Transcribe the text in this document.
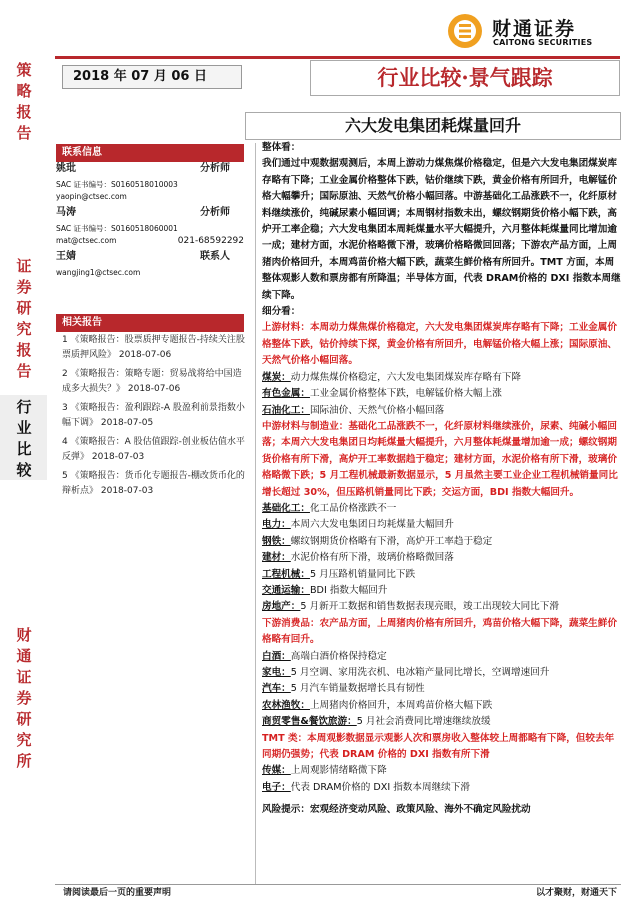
策
略
报
告
证
券
研
究
报
告
行
业
比
较
财
通
证
券
研
究
所
财通证券
CAITONG SECURITIES
2018 年 07 月 06 日	行业比较·景气跟踪
六大发电集团耗煤量回升
联系信息
姚玭	分析师
SAC 证书编号：S0160518010003
yaopin@ctsec.com
马涛	分析师
SAC 证书编号：S0160518060001
mat@ctsec.com	021-68592292
王婧	联系人
wangjing1@ctsec.com
相关报告
1 《策略报告：股票质押专题报告-持续关注股票质押风险》 2018-07-06
2 《策略报告：策略专题：贸易战将给中国造成多大损失？》 2018-07-06
3 《策略报告：盈利跟踪-A 股盈利前景指数小幅下调》 2018-07-05
4 《策略报告：A 股估值跟踪-创业板估值水平反弹》 2018-07-03
5 《策略报告：货币化专题报告-棚改货币化的辩析点》 2018-07-03

整体看：

我们通过中观数据观测后，本周上游动力煤焦煤价格稳定，但是六大发电集团煤炭库存略有下降；工业金属价格整体下跌，钴价继续下跌，黄金价格有所回升，电解锰价格大幅攀升；国际原油、天然气价格小幅回落。中游基础化工品涨跌不一，化纤原材料继续涨价，纯碱尿素小幅回调；本周钢材指数未出，螺纹钢期货价格小幅下跌，高炉开工率企稳；六大发电集团本周耗煤量水平大幅提升，六月整体耗煤量同比增加逾一成；建材方面，水泥价格略微下滑，玻璃价格略微回回落；下游农产品方面，上周猪肉价格回升，本周鸡苗价格大幅下跌，蔬菜生鲜价格有所回升。TMT 方面，本周整体观影人数和票房都有所降温；半导体方面，代表 DRAM价格的 DXI 指数本周继续下降。

细分看：

上游材料：本周动力煤焦煤价格稳定，六大发电集团煤炭库存略有下降；工业金属价格整体下跌，钴价持续下探，黄金价格有所回升，电解锰价格大幅上涨；国际原油、天然气价格小幅回落。

煤炭：动力煤焦煤价格稳定，六大发电集团煤炭库存略有下降

有色金属：工业金属价格整体下跌，电解锰价格大幅上涨

石油化工：国际油价、天然气价格小幅回落

中游材料与制造业：基础化工品涨跌不一，化纤原材料继续涨价，尿素、纯碱小幅回落；本周六大发电集团日均耗煤量大幅提升，六月整体耗煤量增加逾一成；螺纹钢期货价格有所下滑，高炉开工率数据趋于稳定；建材方面，水泥价格有所下滑，玻璃价格略微下跌；5 月工程机械最新数据显示，5 月虽然主要工业企业工程机械销量同比增长超过 30%，但压路机销量同比下跌；交运方面，BDI 指数大幅回升。

基础化工：化工品价格涨跌不一

电力：本周六大发电集团日均耗煤量大幅回升

钢铁：螺纹钢期货价格略有下滑，高炉开工率趋于稳定

建材：水泥价格有所下滑，玻璃价格略微回落

工程机械：5 月压路机销量同比下跌

交通运输：BDI 指数大幅回升

房地产：5 月新开工数据和销售数据表现亮眼，竣工出现较大同比下滑

下游消费品：农产品方面，上周猪肉价格有所回升，鸡苗价格大幅下降，蔬菜生鲜价格略有回升。

白酒：高端白酒价格保持稳定

家电：5 月空调、家用洗衣机、电冰箱产量同比增长，空调增速回升

汽车：5 月汽车销量数据增长具有韧性

农林渔牧：上周猪肉价格回升，本周鸡苗价格大幅下跌

商贸零售&餐饮旅游：5 月社会消费同比增速继续放缓

TMT 类：本周观影数据显示观影人次和票房收入整体较上周都略有下降，但较去年同期仍强势；代表 DRAM 价格的 DXI 指数有所下滑

传媒：上周观影情绪略微下降

电子：代表 DRAM价格的 DXI 指数本周继续下滑

风险提示：宏观经济变动风险、政策风险、海外不确定风险扰动

请阅读最后一页的重要声明	以才聚财，财通天下
